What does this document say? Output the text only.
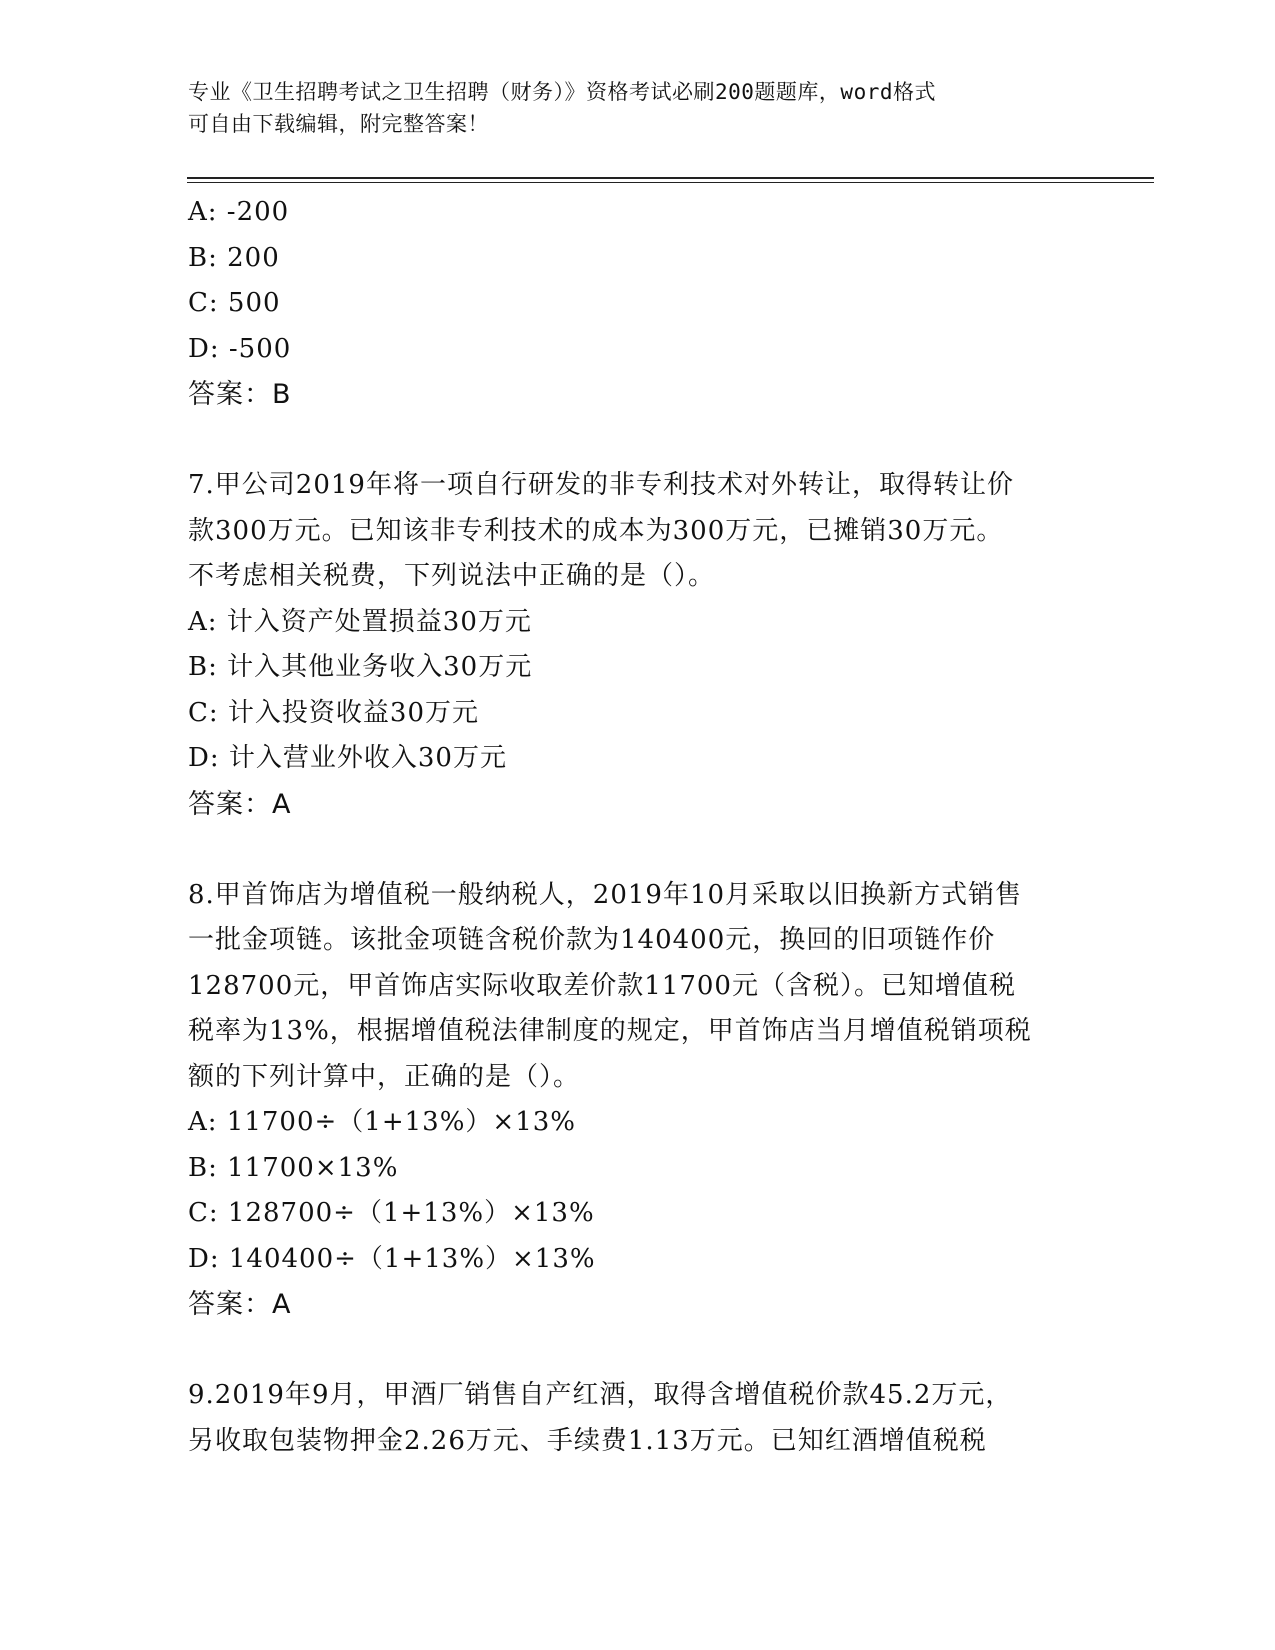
专业《卫生招聘考试之卫生招聘（财务）》资格考试必刷200题题库，word格式
可自由下载编辑，附完整答案！
A: -200
B: 200
C: 500
D: -500
答案：B
7.甲公司2019年将一项自行研发的非专利技术对外转让，取得转让价
款300万元。已知该非专利技术的成本为300万元，已摊销30万元。
不考虑相关税费，下列说法中正确的是（）。
A: 计入资产处置损益30万元
B: 计入其他业务收入30万元
C: 计入投资收益30万元
D: 计入营业外收入30万元
答案：A
8.甲首饰店为增值税一般纳税人，2019年10月采取以旧换新方式销售
一批金项链。该批金项链含税价款为140400元，换回的旧项链作价
128700元，甲首饰店实际收取差价款11700元（含税）。已知增值税
税率为13%，根据增值税法律制度的规定，甲首饰店当月增值税销项税
额的下列计算中，正确的是（）。
A: 11700÷（1+13%）×13%
B: 11700×13%
C: 128700÷（1+13%）×13%
D: 140400÷（1+13%）×13%
答案：A
9.2019年9月，甲酒厂销售自产红酒，取得含增值税价款45.2万元，
另收取包装物押金2.26万元、手续费1.13万元。已知红酒增值税税
